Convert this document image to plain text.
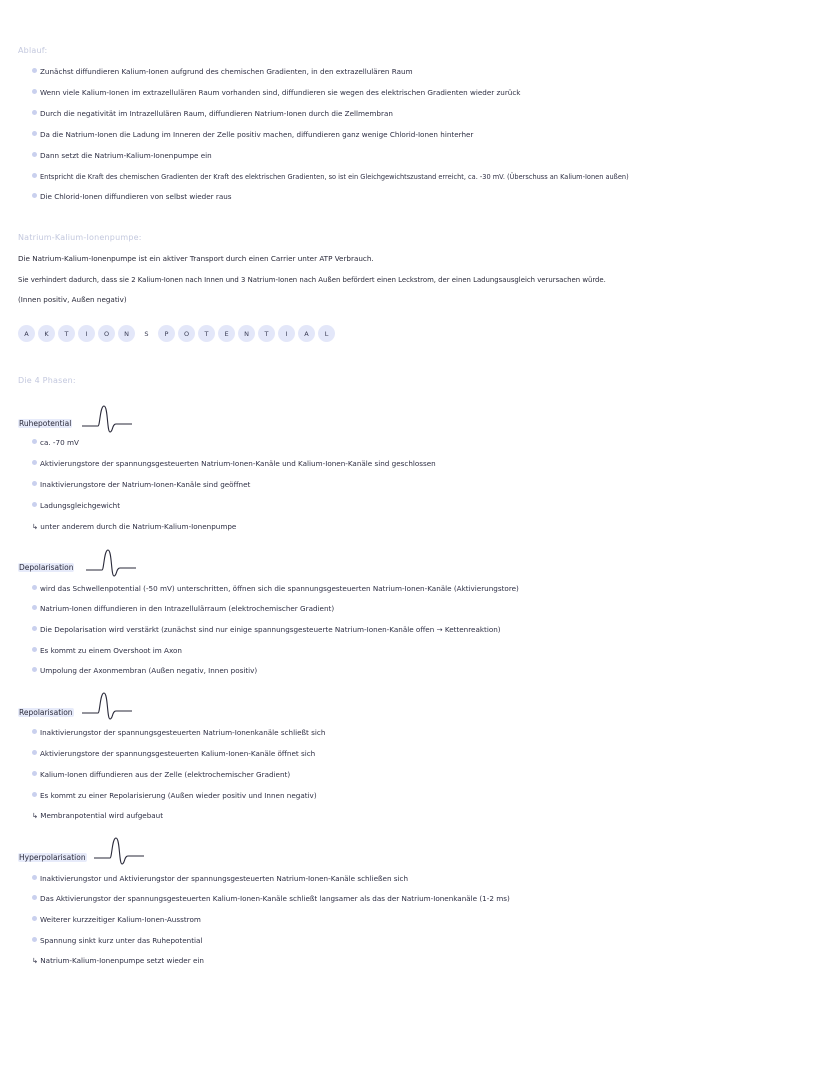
Ablauf:
Zunächst diffundieren Kalium-Ionen aufgrund des chemischen Gradienten, in den extrazellulären Raum
Wenn viele Kalium-Ionen im extrazellulären Raum vorhanden sind, diffundieren sie wegen des elektrischen Gradienten wieder zurück
Durch die negativität im Intrazellulären Raum, diffundieren Natrium-Ionen durch die Zellmembran
Da die Natrium-Ionen die Ladung im Inneren der Zelle positiv machen, diffundieren ganz wenige Chlorid-Ionen hinterher
Dann setzt die Natrium-Kalium-Ionenpumpe ein
Entspricht die Kraft des chemischen Gradienten der Kraft des elektrischen Gradienten, so ist ein Gleichgewichtszustand erreicht, ca. -30 mV. (Überschuss an Kalium-Ionen außen)
Die Chlorid-Ionen diffundieren von selbst wieder raus
Natrium-Kalium-Ionenpumpe:
Die Natrium-Kalium-Ionenpumpe ist ein aktiver Transport durch einen Carrier unter ATP Verbrauch.
Sie verhindert dadurch, dass sie 2 Kalium-Ionen nach Innen und 3 Natrium-Ionen nach Außen befördert einen Leckstrom, der einen Ladungsausgleich verursachen würde.
(Innen positiv, Außen negativ)
A	K	T	I	O	N	S	P	O	T	E	N	T	I	A	L
Die 4 Phasen:
Ruhepotential
ca. -70 mV
Aktivierungstore der spannungsgesteuerten Natrium-Ionen-Kanäle und Kalium-Ionen-Kanäle sind geschlossen
Inaktivierungstore der Natrium-Ionen-Kanäle sind geöffnet
Ladungsgleichgewicht
↳ unter anderem durch die Natrium-Kalium-Ionenpumpe
Depolarisation
wird das Schwellenpotential (-50 mV) unterschritten, öffnen sich die spannungsgesteuerten Natrium-Ionen-Kanäle (Aktivierungstore)
Natrium-Ionen diffundieren in den Intrazellulärraum (elektrochemischer Gradient)
Die Depolarisation wird verstärkt (zunächst sind nur einige spannungsgesteuerte Natrium-Ionen-Kanäle offen → Kettenreaktion)
Es kommt zu einem Overshoot im Axon
Umpolung der Axonmembran (Außen negativ, Innen positiv)
Repolarisation
Inaktivierungstor der spannungsgesteuerten Natrium-Ionenkanäle schließt sich
Aktivierungstore der spannungsgesteuerten Kalium-Ionen-Kanäle öffnet sich
Kalium-Ionen diffundieren aus der Zelle (elektrochemischer Gradient)
Es kommt zu einer Repolarisierung (Außen wieder positiv und Innen negativ)
↳ Membranpotential wird aufgebaut
Hyperpolarisation
Inaktivierungstor und Aktivierungstor der spannungsgesteuerten Natrium-Ionen-Kanäle schließen sich
Das Aktivierungstor der spannungsgesteuerten Kalium-Ionen-Kanäle schließt langsamer als das der Natrium-Ionenkanäle (1-2 ms)
Weiterer kurzzeitiger Kalium-Ionen-Ausstrom
Spannung sinkt kurz unter das Ruhepotential
↳ Natrium-Kalium-Ionenpumpe setzt wieder ein
